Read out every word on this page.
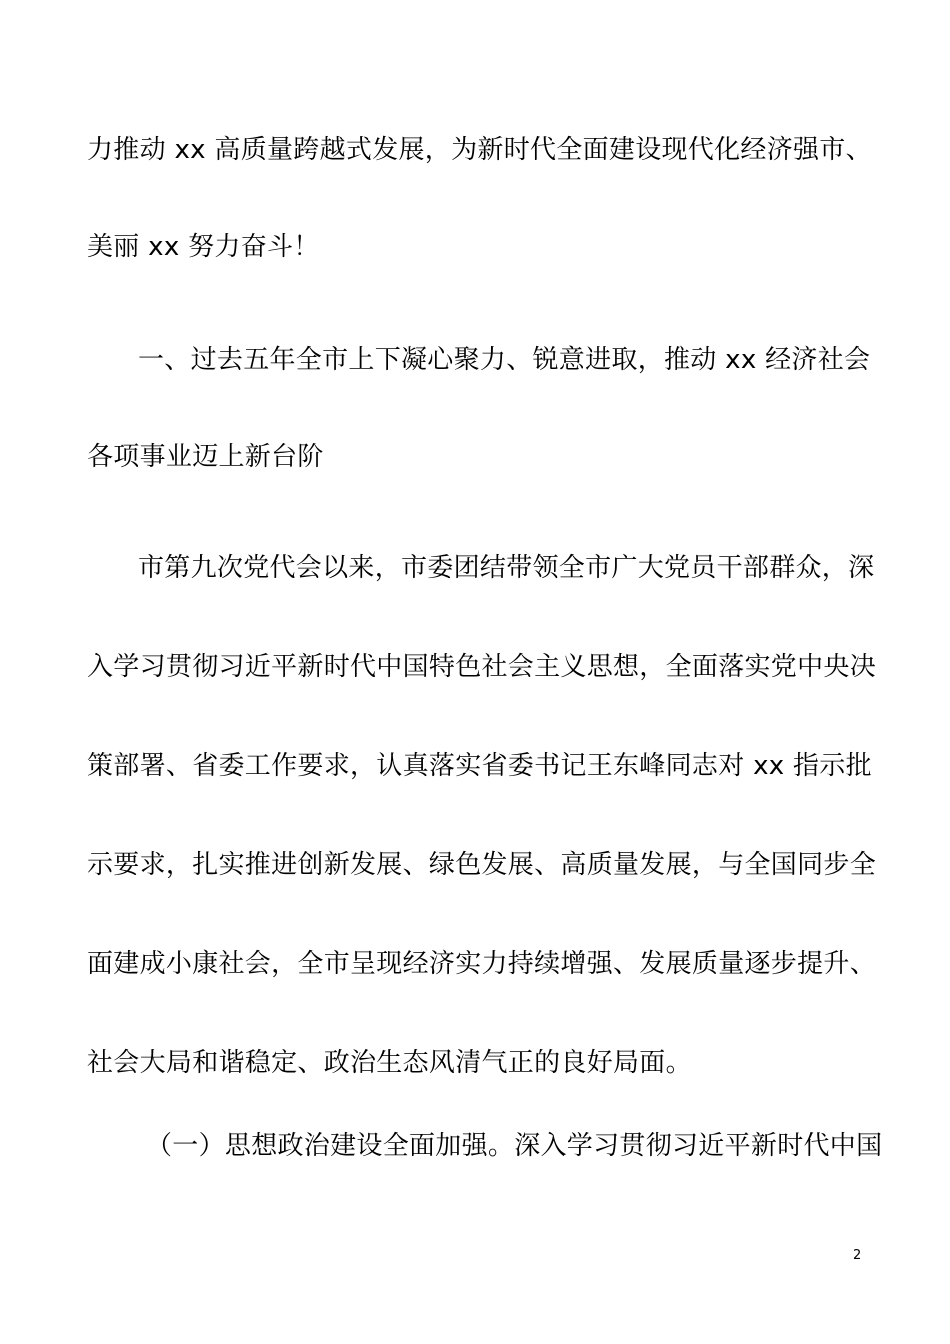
力推动 xx 高质量跨越式发展，为新时代全面建设现代化经济强市、
美丽 xx 努力奋斗！
一、过去五年全市上下凝心聚力、锐意进取，推动 xx 经济社会
各项事业迈上新台阶
市第九次党代会以来，市委团结带领全市广大党员干部群众，深
入学习贯彻习近平新时代中国特色社会主义思想，全面落实党中央决
策部署、省委工作要求，认真落实省委书记王东峰同志对 xx 指示批
示要求，扎实推进创新发展、绿色发展、高质量发展，与全国同步全
面建成小康社会，全市呈现经济实力持续增强、发展质量逐步提升、
社会大局和谐稳定、政治生态风清气正的良好局面。
（一）思想政治建设全面加强。深入学习贯彻习近平新时代中国
2
